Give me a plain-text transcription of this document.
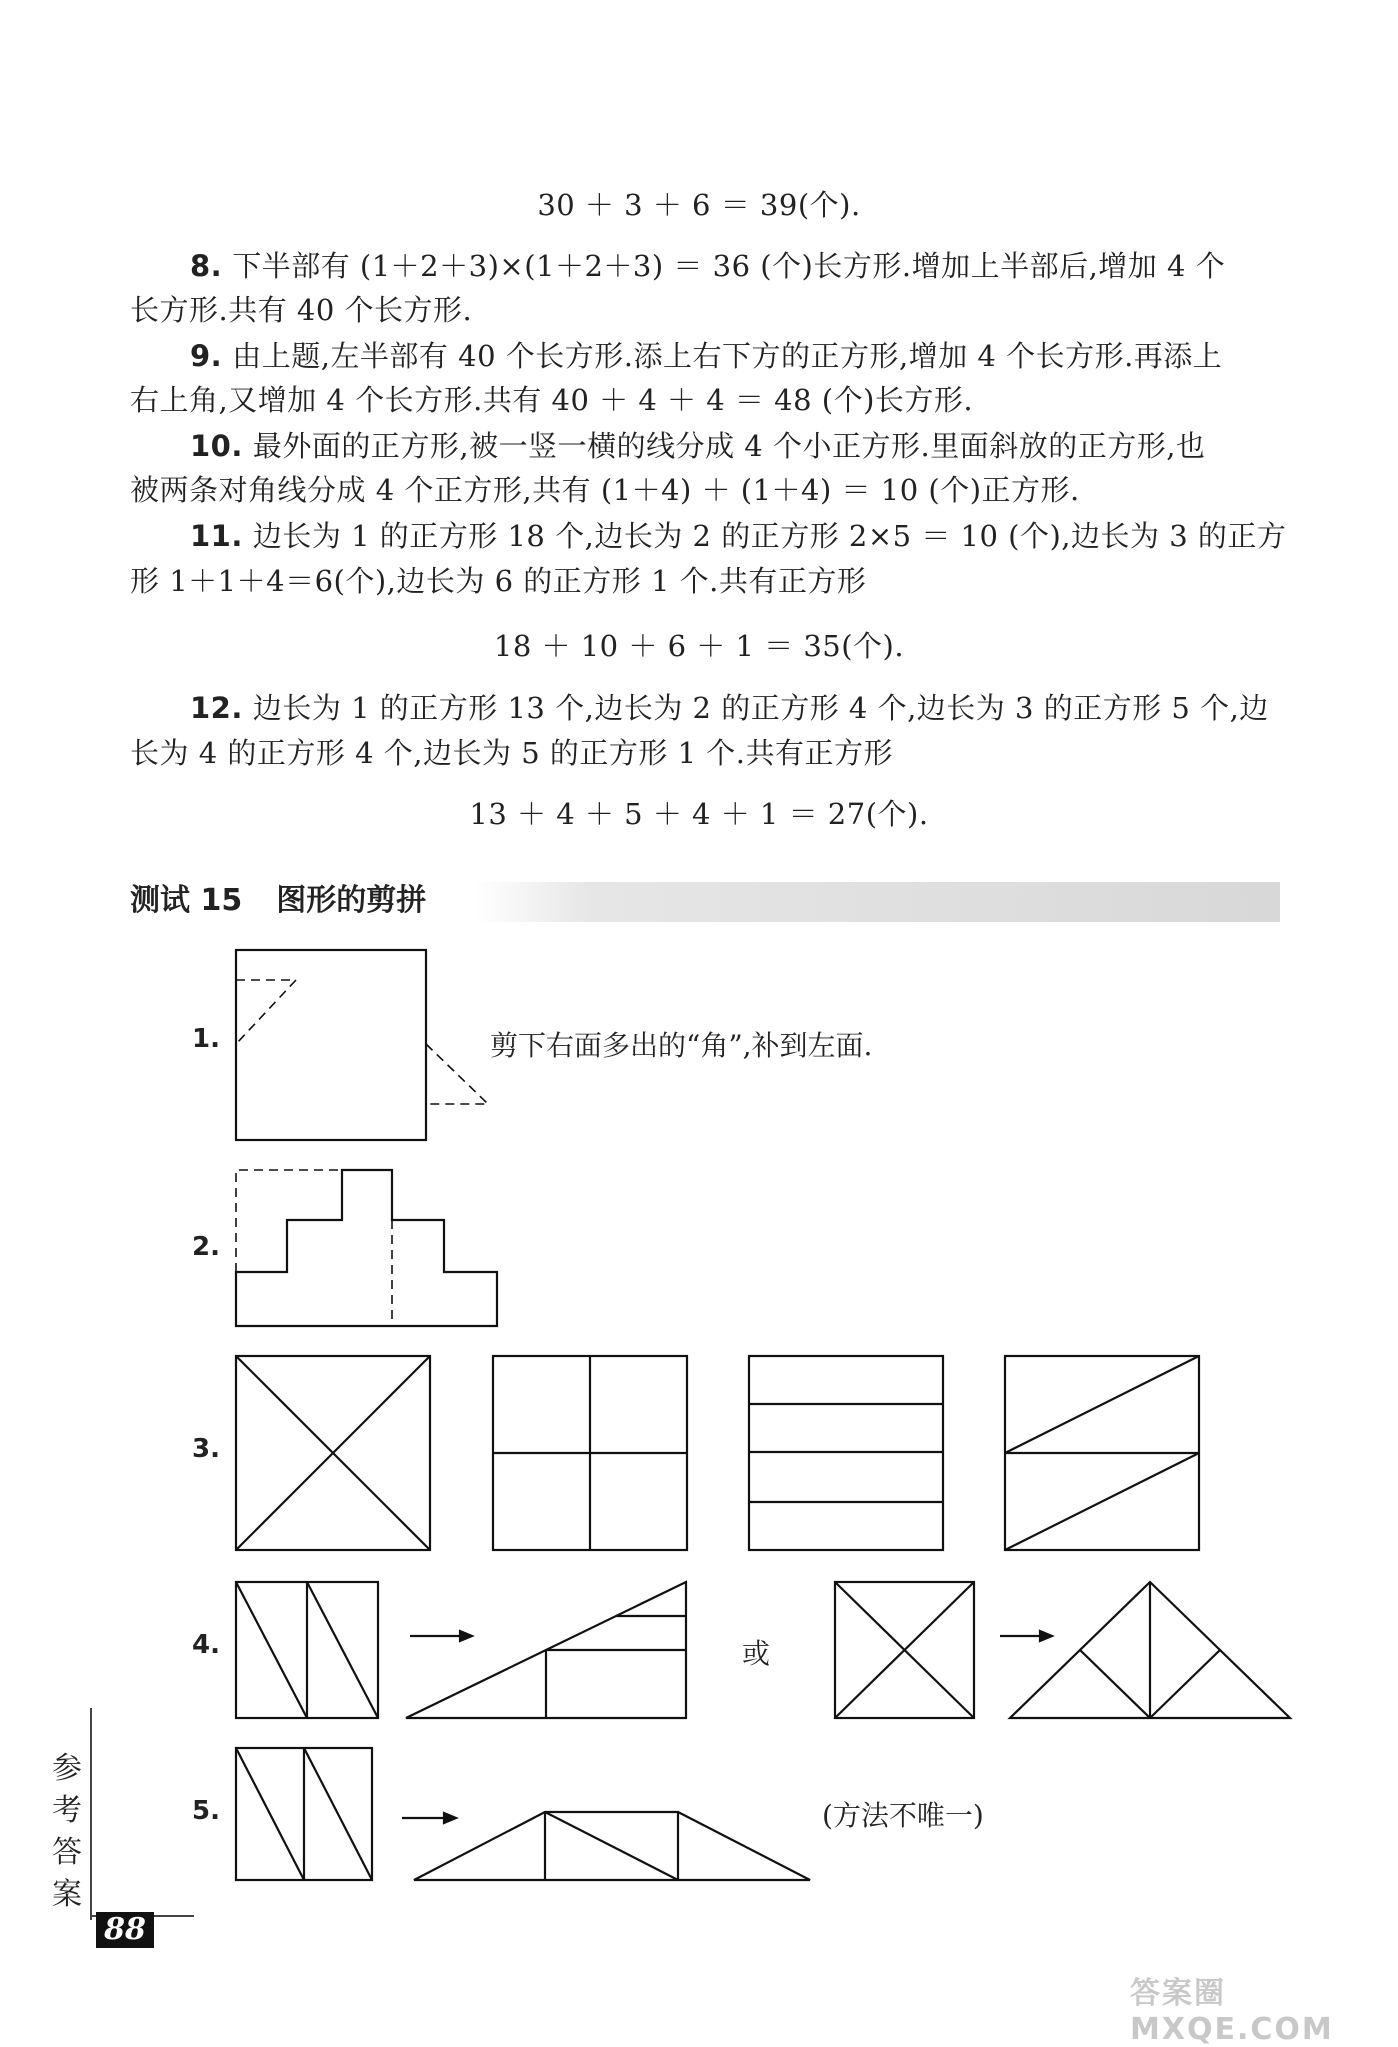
30 ＋ 3 ＋ 6 ＝ 39(个).
8. 下半部有 (1＋2＋3)×(1＋2＋3) ＝ 36 (个)长方形.增加上半部后,增加 4 个
长方形.共有 40 个长方形.
9. 由上题,左半部有 40 个长方形.添上右下方的正方形,增加 4 个长方形.再添上
右上角,又增加 4 个长方形.共有 40 ＋ 4 ＋ 4 ＝ 48 (个)长方形.
10. 最外面的正方形,被一竖一横的线分成 4 个小正方形.里面斜放的正方形,也
被两条对角线分成 4 个正方形,共有 (1＋4) ＋ (1＋4) ＝ 10 (个)正方形.
11. 边长为 1 的正方形 18 个,边长为 2 的正方形 2×5 ＝ 10 (个),边长为 3 的正方
形 1＋1＋4＝6(个),边长为 6 的正方形 1 个.共有正方形
18 ＋ 10 ＋ 6 ＋ 1 ＝ 35(个).
12. 边长为 1 的正方形 13 个,边长为 2 的正方形 4 个,边长为 3 的正方形 5 个,边
长为 4 的正方形 4 个,边长为 5 的正方形 1 个.共有正方形
13 ＋ 4 ＋ 5 ＋ 4 ＋ 1 ＝ 27(个).
测试 15 图形的剪拼
1.
2.
3.
4.
5.
剪下右面多出的“角”,补到左面.
或
(方法不唯一)
参
考
答
案
88
答案圈 MXQE.COM
